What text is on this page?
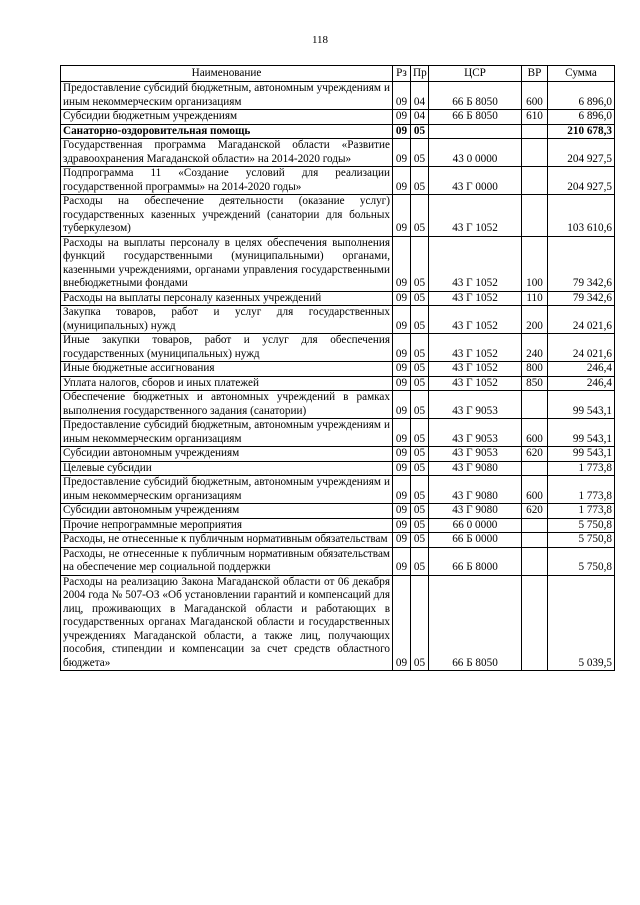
118
Наименование	Рз	Пр	ЦСР	ВР	Сумма
Предоставление субсидий бюджетным, автономным учреждениям и иным некоммерческим организациям	09	04	66 Б 8050	600	6 896,0
Субсидии бюджетным учреждениям	09	04	66 Б 8050	610	6 896,0
Санаторно-оздоровительная помощь	09	05			210 678,3
Государственная программа Магаданской области «Развитие здравоохранения Магаданской области» на 2014-2020 годы»	09	05	43 0 0000		204 927,5
Подпрограмма 11 «Создание условий для реализации государственной программы» на 2014-2020 годы»	09	05	43 Г 0000		204 927,5
Расходы на обеспечение деятельности (оказание услуг) государственных казенных учреждений (санатории для больных туберкулезом)	09	05	43 Г 1052		103 610,6
Расходы на выплаты персоналу в целях обеспечения выполнения функций государственными (муниципальными) органами, казенными учреждениями, органами управления государственными внебюджетными фондами	09	05	43 Г 1052	100	79 342,6
Расходы на выплаты персоналу казенных учреждений	09	05	43 Г 1052	110	79 342,6
Закупка товаров, работ и услуг для государственных (муниципальных) нужд	09	05	43 Г 1052	200	24 021,6
Иные закупки товаров, работ и услуг для обеспечения государственных (муниципальных) нужд	09	05	43 Г 1052	240	24 021,6
Иные бюджетные ассигнования	09	05	43 Г 1052	800	246,4
Уплата налогов, сборов и иных платежей	09	05	43 Г 1052	850	246,4
Обеспечение бюджетных и автономных учреждений в рамках выполнения государственного задания (санатории)	09	05	43 Г 9053		99 543,1
Предоставление субсидий бюджетным, автономным учреждениям и иным некоммерческим организациям	09	05	43 Г 9053	600	99 543,1
Субсидии автономным учреждениям	09	05	43 Г 9053	620	99 543,1
Целевые субсидии	09	05	43 Г 9080		1 773,8
Предоставление субсидий бюджетным, автономным учреждениям и иным некоммерческим организациям	09	05	43 Г 9080	600	1 773,8
Субсидии автономным учреждениям	09	05	43 Г 9080	620	1 773,8
Прочие непрограммные мероприятия	09	05	66 0 0000		5 750,8
Расходы, не отнесенные к публичным нормативным обязательствам	09	05	66 Б 0000		5 750,8
Расходы, не отнесенные к публичным нормативным обязательствам на обеспечение мер социальной поддержки	09	05	66 Б 8000		5 750,8
Расходы на реализацию Закона Магаданской области от 06 декабря 2004 года № 507-ОЗ «Об установлении гарантий и компенсаций для лиц, проживающих в Магаданской области и работающих в государственных органах Магаданской области и государственных учреждениях Магаданской области, а также лиц, получающих пособия, стипендии и компенсации за счет средств областного бюджета»	09	05	66 Б 8050		5 039,5
